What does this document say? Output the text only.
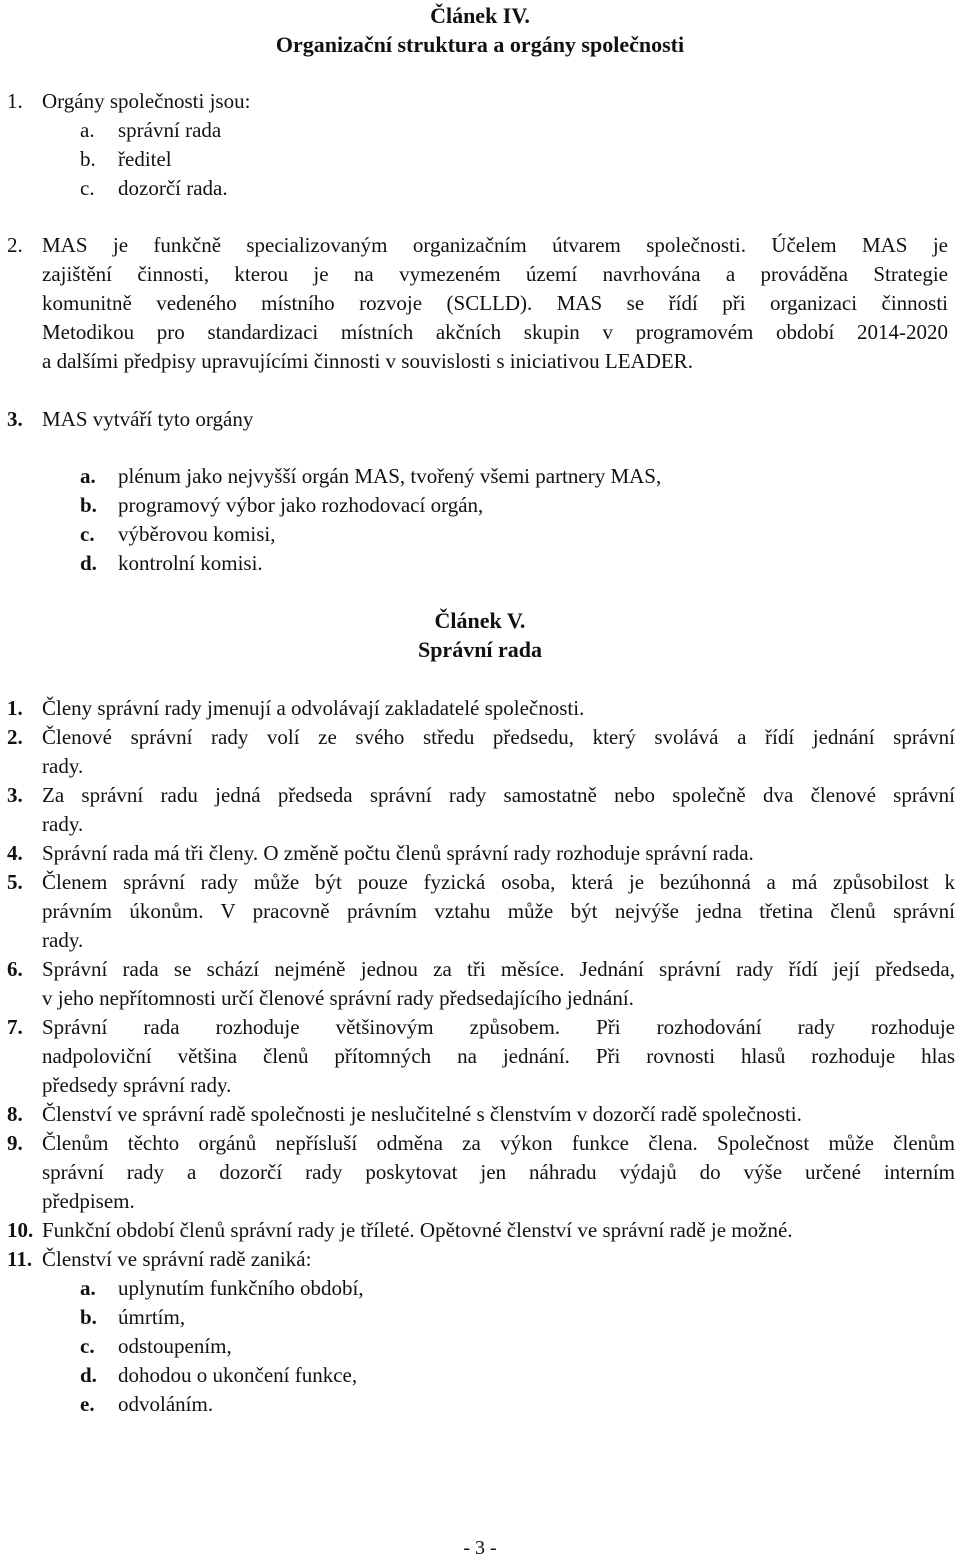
Článek IV.
Organizační struktura a orgány společnosti
1. Orgány společnosti jsou:
a. správní rada
b. ředitel
c. dozorčí rada.
2. MAS je funkčně specializovaným organizačním útvarem společnosti. Účelem MAS je
zajištění činnosti, kterou je na vymezeném území navrhována a prováděna Strategie
komunitně vedeného místního rozvoje (SCLLD). MAS se řídí při organizaci činnosti
Metodikou pro standardizaci místních akčních skupin v programovém období 2014-2020
a dalšími předpisy upravujícími činnosti v souvislosti s iniciativou LEADER.
3. MAS vytváří tyto orgány
a. plénum jako nejvyšší orgán MAS, tvořený všemi partnery MAS,
b. programový výbor jako rozhodovací orgán,
c. výběrovou komisi,
d. kontrolní komisi.
Článek V.
Správní rada
1. Členy správní rady jmenují a odvolávají zakladatelé společnosti.
2. Členové správní rady volí ze svého středu předsedu, který svolává a řídí jednání správní
rady.
3. Za správní radu jedná předseda správní rady samostatně nebo společně dva členové správní
rady.
4. Správní rada má tři členy. O změně počtu členů správní rady rozhoduje správní rada.
5. Členem správní rady může být pouze fyzická osoba, která je bezúhonná a má způsobilost k
právním úkonům. V pracovně právním vztahu může být nejvýše jedna třetina členů správní
rady.
6. Správní rada se schází nejméně jednou za tři měsíce. Jednání správní rady řídí její předseda,
v jeho nepřítomnosti určí členové správní rady předsedajícího jednání.
7. Správní rada rozhoduje většinovým způsobem. Při rozhodování rady rozhoduje
nadpoloviční většina členů přítomných na jednání. Při rovnosti hlasů rozhoduje hlas
předsedy správní rady.
8. Členství ve správní radě společnosti je neslučitelné s členstvím v dozorčí radě společnosti.
9. Členům těchto orgánů nepřísluší odměna za výkon funkce člena. Společnost může členům
správní rady a dozorčí rady poskytovat jen náhradu výdajů do výše určené interním
předpisem.
10. Funkční období členů správní rady je tříleté. Opětovné členství ve správní radě je možné.
11. Členství ve správní radě zaniká:
a. uplynutím funkčního období,
b. úmrtím,
c. odstoupením,
d. dohodou o ukončení funkce,
e. odvoláním.
- 3 -
